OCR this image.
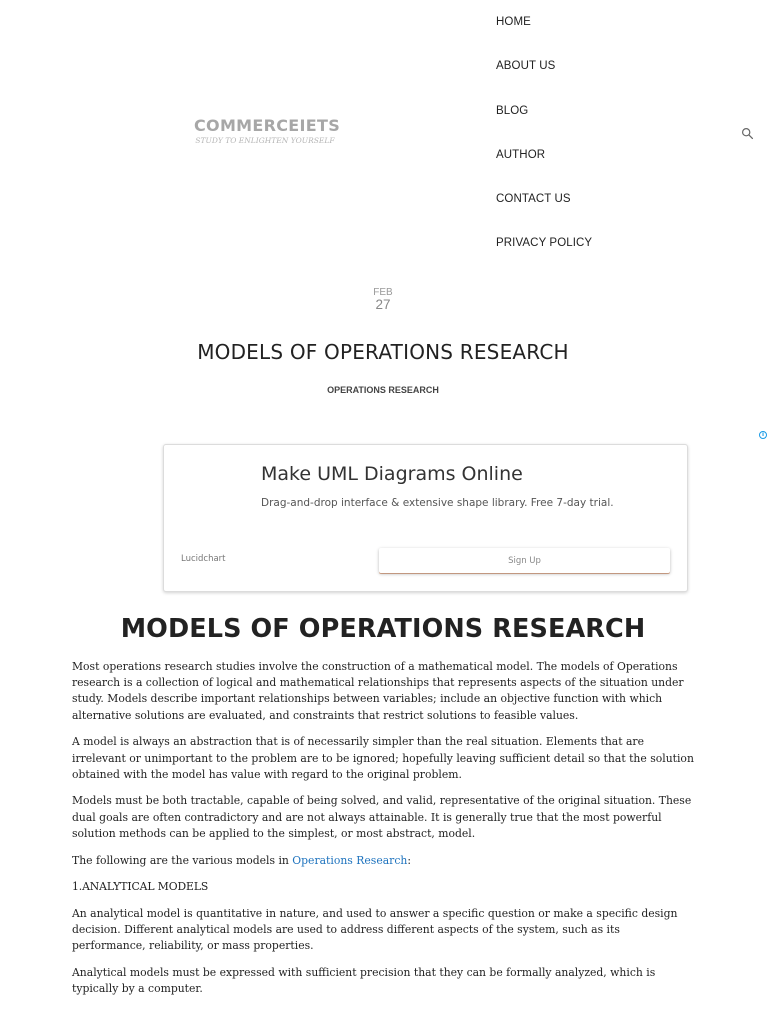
COMMERCEIETS
STUDY TO ENLIGHTEN YOURSELF
HOME
ABOUT US
BLOG
AUTHOR
CONTACT US
PRIVACY POLICY
FEB
27
MODELS OF OPERATIONS RESEARCH
OPERATIONS RESEARCH
i
Make UML Diagrams Online
Drag-and-drop interface & extensive shape library. Free 7-day trial.
Lucidchart	Sign Up
MODELS OF OPERATIONS RESEARCH

Most operations research studies involve the construction of a mathematical model. The models of Operations research is a collection of logical and mathematical relationships that represents aspects of the situation under study. Models describe important relationships between variables; include an objective function with which alternative solutions are evaluated, and constraints that restrict solutions to feasible values.

A model is always an abstraction that is of necessarily simpler than the real situation. Elements that are irrelevant or unimportant to the problem are to be ignored; hopefully leaving sufficient detail so that the solution obtained with the model has value with regard to the original problem.

Models must be both tractable, capable of being solved, and valid, representative of the original situation. These dual goals are often contradictory and are not always attainable. It is generally true that the most powerful solution methods can be applied to the simplest, or most abstract, model.

The following are the various models in Operations Research:

1.ANALYTICAL MODELS

An analytical model is quantitative in nature, and used to answer a specific question or make a specific design decision. Different analytical models are used to address different aspects of the system, such as its performance, reliability, or mass properties.

Analytical models must be expressed with sufficient precision that they can be formally analyzed, which is typically by a computer.
